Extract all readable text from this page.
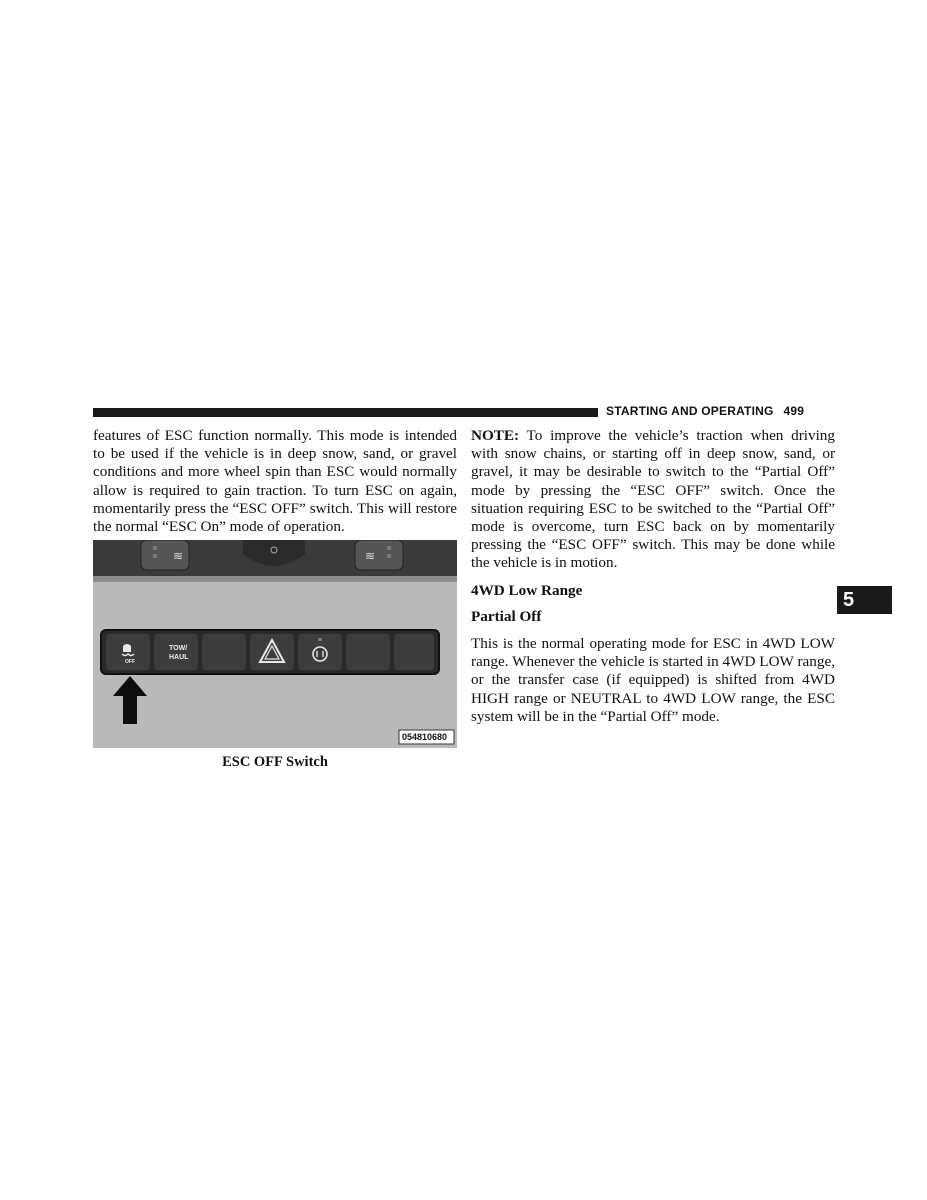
STARTING AND OPERATING 499

features of ESC function normally. This mode is intended to be used if the vehicle is in deep snow, sand, or gravel conditions and more wheel spin than ESC would normally allow is required to gain traction. To turn ESC on again, momentarily press the “ESC OFF” switch. This will restore the normal “ESC On” mode of operation.

≋	≋
OFF
TOW/
HAUL
054810680
ESC OFF Switch

NOTE: To improve the vehicle’s traction when driving with snow chains, or starting off in deep snow, sand, or gravel, it may be desirable to switch to the “Partial Off” mode by pressing the “ESC OFF” switch. Once the situation requiring ESC to be switched to the “Partial Off” mode is overcome, turn ESC back on by momentarily pressing the “ESC OFF” switch. This may be done while the vehicle is in motion.

4WD Low Range

Partial Off

This is the normal operating mode for ESC in 4WD LOW range. Whenever the vehicle is started in 4WD LOW range, or the transfer case (if equipped) is shifted from 4WD HIGH range or NEUTRAL to 4WD LOW range, the ESC system will be in the “Partial Off” mode.

5
